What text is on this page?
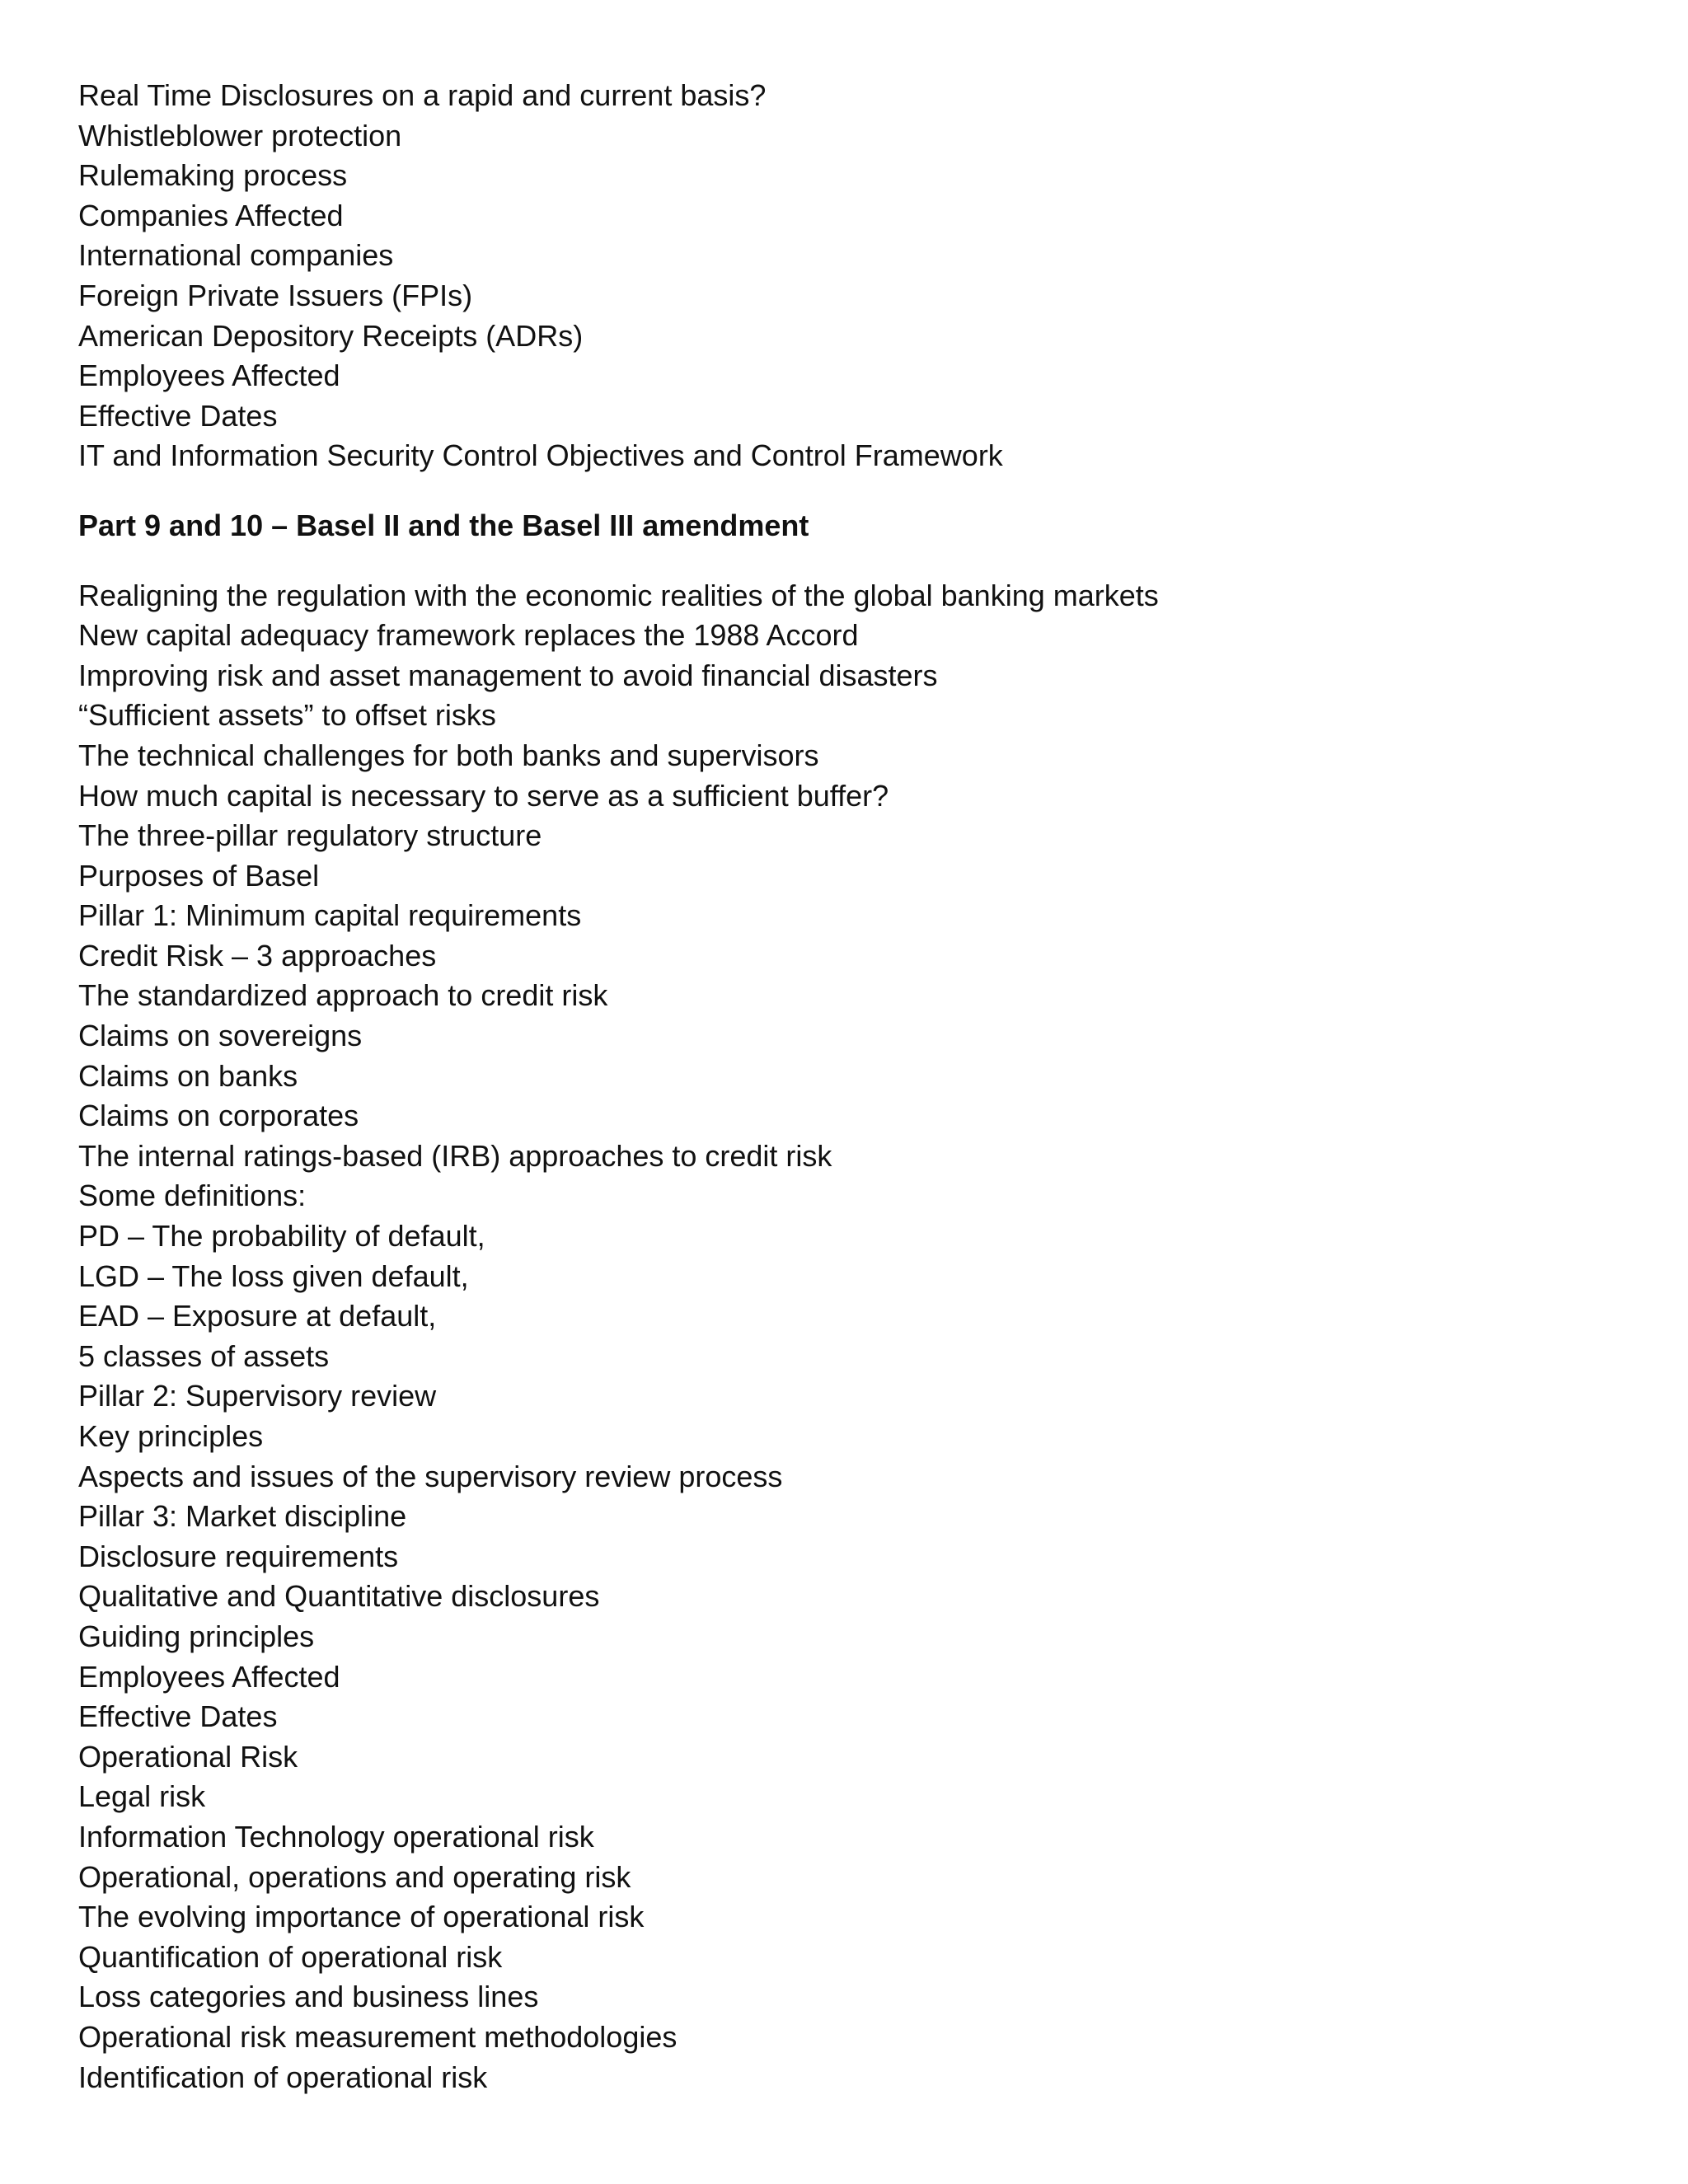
Real Time Disclosures on a rapid and current basis?
Whistleblower protection
Rulemaking process
Companies Affected
International companies
Foreign Private Issuers (FPIs)
American Depository Receipts (ADRs)
Employees Affected
Effective Dates
IT and Information Security Control Objectives and Control Framework
Part 9 and 10 – Basel II and the Basel III amendment
Realigning the regulation with the economic realities of the global banking markets
New capital adequacy framework replaces the 1988 Accord
Improving risk and asset management to avoid financial disasters
“Sufficient assets” to offset risks
The technical challenges for both banks and supervisors
How much capital is necessary to serve as a sufficient buffer?
The three-pillar regulatory structure
Purposes of Basel
Pillar 1: Minimum capital requirements
Credit Risk – 3 approaches
The standardized approach to credit risk
Claims on sovereigns
Claims on banks
Claims on corporates
The internal ratings-based (IRB) approaches to credit risk
Some definitions:
PD – The probability of default,
LGD – The loss given default,
EAD – Exposure at default,
5 classes of assets
Pillar 2: Supervisory review
Key principles
Aspects and issues of the supervisory review process
Pillar 3: Market discipline
Disclosure requirements
Qualitative and Quantitative disclosures
Guiding principles
Employees Affected
Effective Dates
Operational Risk
Legal risk
Information Technology operational risk
Operational, operations and operating risk
The evolving importance of operational risk
Quantification of operational risk
Loss categories and business lines
Operational risk measurement methodologies
Identification of operational risk
